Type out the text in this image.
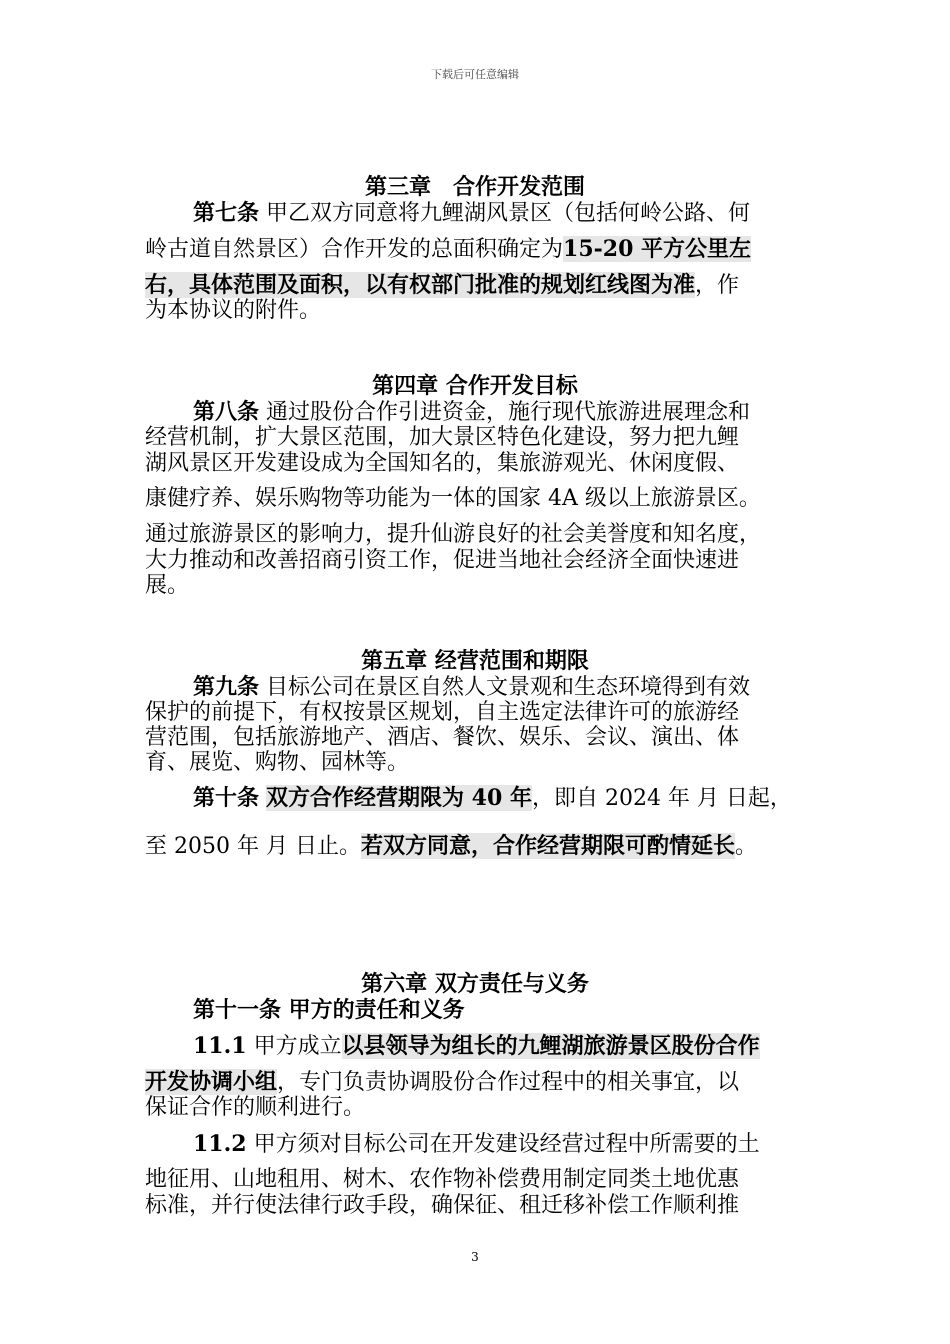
下载后可任意编辑
第三章　合作开发范围
第七条 甲乙双方同意将九鲤湖风景区（包括何岭公路、何
岭古道自然景区）合作开发的总面积确定为15-20 平方公里左
右，具体范围及面积，以有权部门批准的规划红线图为准，作
为本协议的附件。
第四章 合作开发目标
第八条 通过股份合作引进资金，施行现代旅游进展理念和
经营机制，扩大景区范围，加大景区特色化建设，努力把九鲤
湖风景区开发建设成为全国知名的，集旅游观光、休闲度假、
康健疗养、娱乐购物等功能为一体的国家 4A 级以上旅游景区。
通过旅游景区的影响力，提升仙游良好的社会美誉度和知名度，
大力推动和改善招商引资工作，促进当地社会经济全面快速进
展。
第五章 经营范围和期限
第九条 目标公司在景区自然人文景观和生态环境得到有效
保护的前提下，有权按景区规划，自主选定法律许可的旅游经
营范围，包括旅游地产、酒店、餐饮、娱乐、会议、演出、体
育、展览、购物、园林等。
第十条 双方合作经营期限为 40 年，即自 2024 年 月 日起，
至 2050 年 月 日止。若双方同意，合作经营期限可酌情延长。
第六章 双方责任与义务
第十一条 甲方的责任和义务
11.1 甲方成立以县领导为组长的九鲤湖旅游景区股份合作
开发协调小组，专门负责协调股份合作过程中的相关事宜，以
保证合作的顺利进行。
11.2 甲方须对目标公司在开发建设经营过程中所需要的土
地征用、山地租用、树木、农作物补偿费用制定同类土地优惠
标准，并行使法律行政手段，确保征、租迁移补偿工作顺利推
3
